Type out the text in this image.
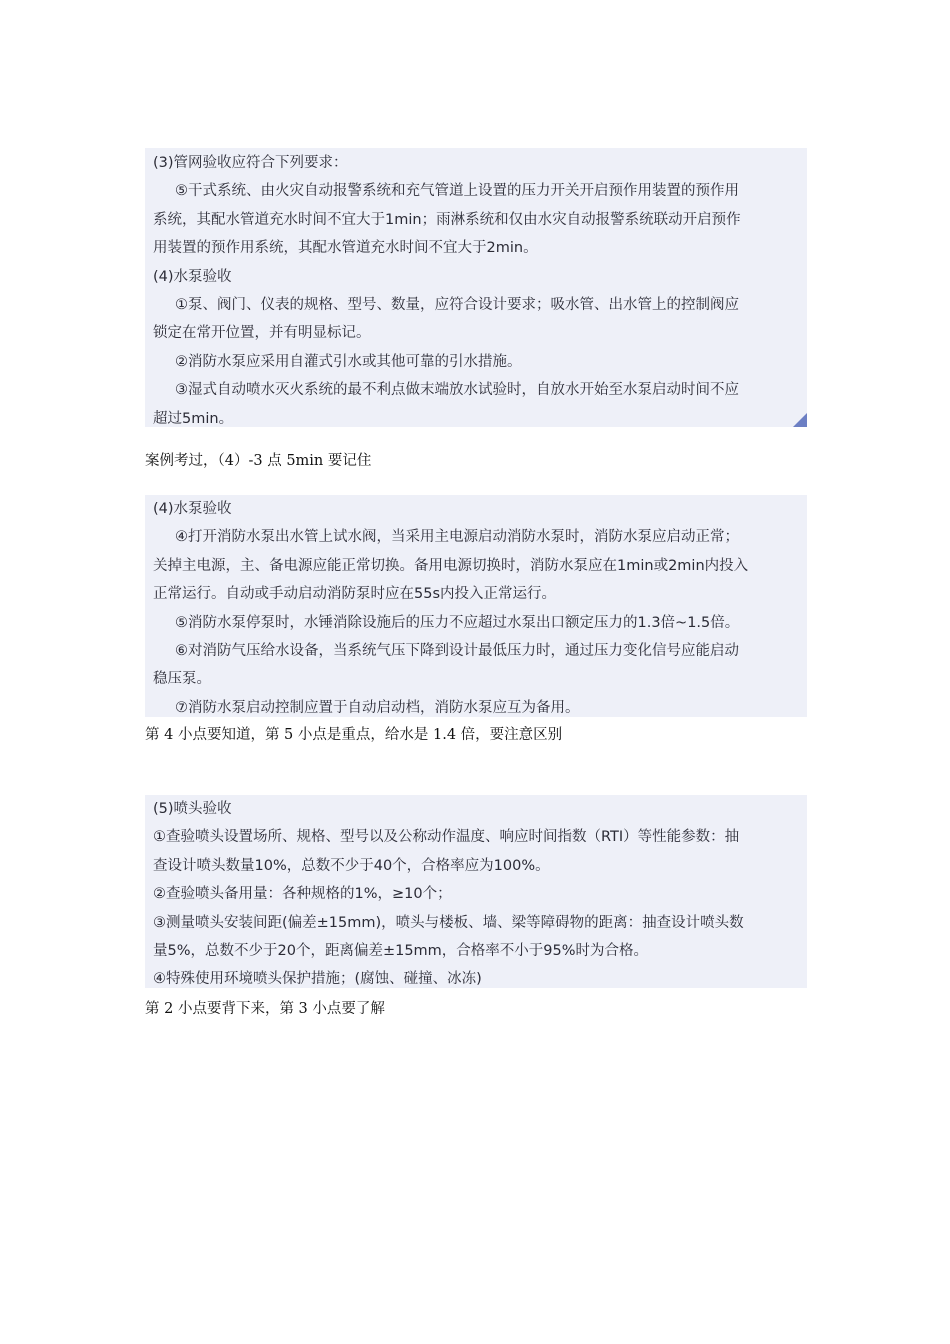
(3)管网验收应符合下列要求：

⑤干式系统、由火灾自动报警系统和充气管道上设置的压力开关开启预作用装置的预作用

系统，其配水管道充水时间不宜大于1min；雨淋系统和仅由水灾自动报警系统联动开启预作

用装置的预作用系统，其配水管道充水时间不宜大于2min。

(4)水泵验收

①泵、阀门、仪表的规格、型号、数量，应符合设计要求；吸水管、出水管上的控制阀应

锁定在常开位置，并有明显标记。

②消防水泵应采用自灌式引水或其他可靠的引水措施。

③湿式自动喷水灭火系统的最不利点做末端放水试验时，自放水开始至水泵启动时间不应

超过5min。

案例考过，（4）-3 点 5min 要记住

(4)水泵验收

④打开消防水泵出水管上试水阀，当采用主电源启动消防水泵时，消防水泵应启动正常；

关掉主电源，主、备电源应能正常切换。备用电源切换时，消防水泵应在1min或2min内投入

正常运行。自动或手动启动消防泵时应在55s内投入正常运行。

⑤消防水泵停泵时，水锤消除设施后的压力不应超过水泵出口额定压力的1.3倍~1.5倍。

⑥对消防气压给水设备，当系统气压下降到设计最低压力时，通过压力变化信号应能启动

稳压泵。

⑦消防水泵启动控制应置于自动启动档，消防水泵应互为备用。

第 4 小点要知道，第 5 小点是重点，给水是 1.4 倍，要注意区别

(5)喷头验收

①查验喷头设置场所、规格、型号以及公称动作温度、响应时间指数（RTI）等性能参数：抽

查设计喷头数量10%，总数不少于40个，合格率应为100%。

②查验喷头备用量：各种规格的1%，≥10个；

③测量喷头安装间距(偏差±15mm)，喷头与楼板、墙、梁等障碍物的距离：抽查设计喷头数

量5%，总数不少于20个，距离偏差±15mm，合格率不小于95%时为合格。

④特殊使用环境喷头保护措施；(腐蚀、碰撞、冰冻)

第 2 小点要背下来，第 3 小点要了解
